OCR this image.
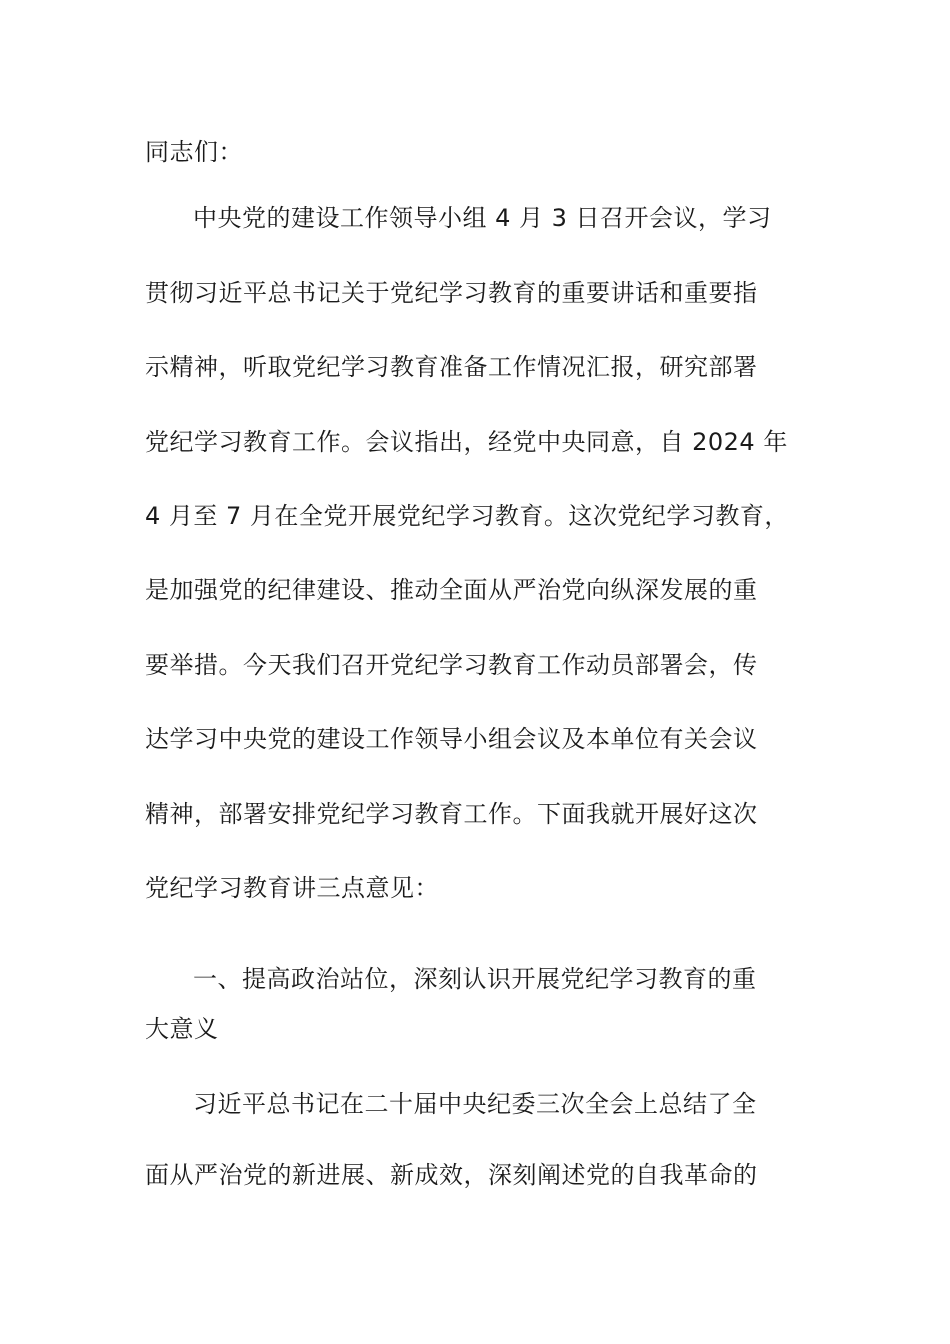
同志们：
中央党的建设工作领导小组 4 月 3 日召开会议，学习
贯彻习近平总书记关于党纪学习教育的重要讲话和重要指
示精神，听取党纪学习教育准备工作情况汇报，研究部署
党纪学习教育工作。会议指出，经党中央同意，自 2024 年
4 月至 7 月在全党开展党纪学习教育。这次党纪学习教育，
是加强党的纪律建设、推动全面从严治党向纵深发展的重
要举措。今天我们召开党纪学习教育工作动员部署会，传
达学习中央党的建设工作领导小组会议及本单位有关会议
精神，部署安排党纪学习教育工作。下面我就开展好这次
党纪学习教育讲三点意见：
一、提高政治站位，深刻认识开展党纪学习教育的重
大意义
习近平总书记在二十届中央纪委三次全会上总结了全
面从严治党的新进展、新成效，深刻阐述党的自我革命的
